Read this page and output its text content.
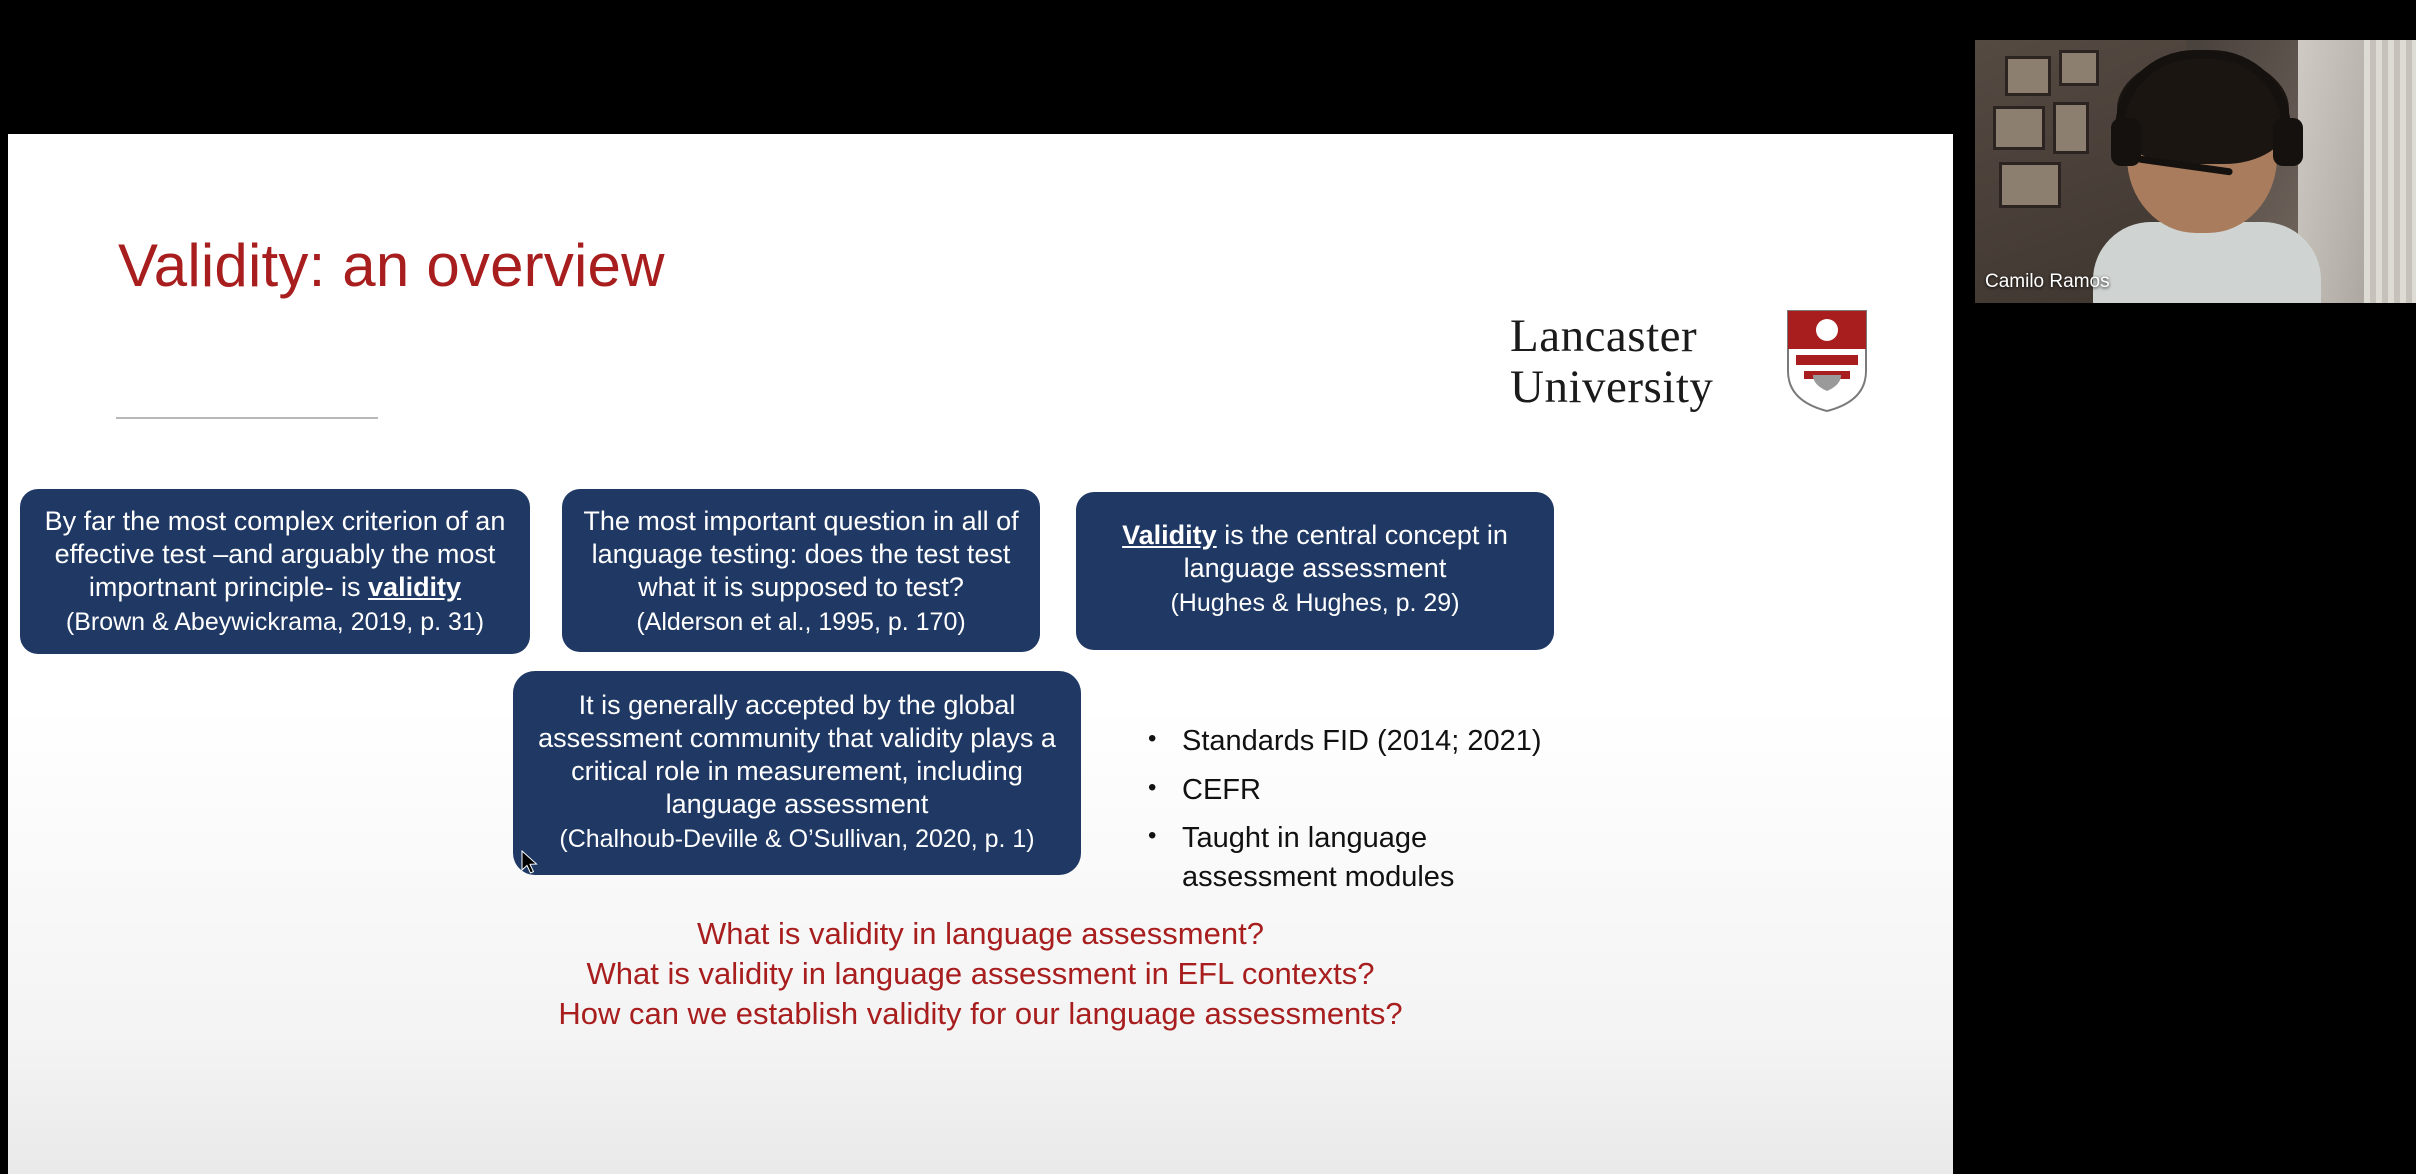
Validity: an overview
Lancaster
University
By far the most complex criterion of an effective test –and arguably the most importnant principle- is validity
(Brown & Abeywickrama, 2019, p. 31)
The most important question in all of language testing: does the test test what it is supposed to test?
(Alderson et al., 1995, p. 170)
Validity is the central concept in language assessment
(Hughes & Hughes, p. 29)
It is generally accepted by the global assessment community that validity plays a critical role in measurement, including language assessment
(Chalhoub-Deville & O’Sullivan, 2020, p. 1)
• Standards FID (2014; 2021)
• CEFR
• Taught in language assessment modules
What is validity in language assessment?
What is validity in language assessment in EFL contexts?
How can we establish validity for our language assessments?
Camilo Ramos
